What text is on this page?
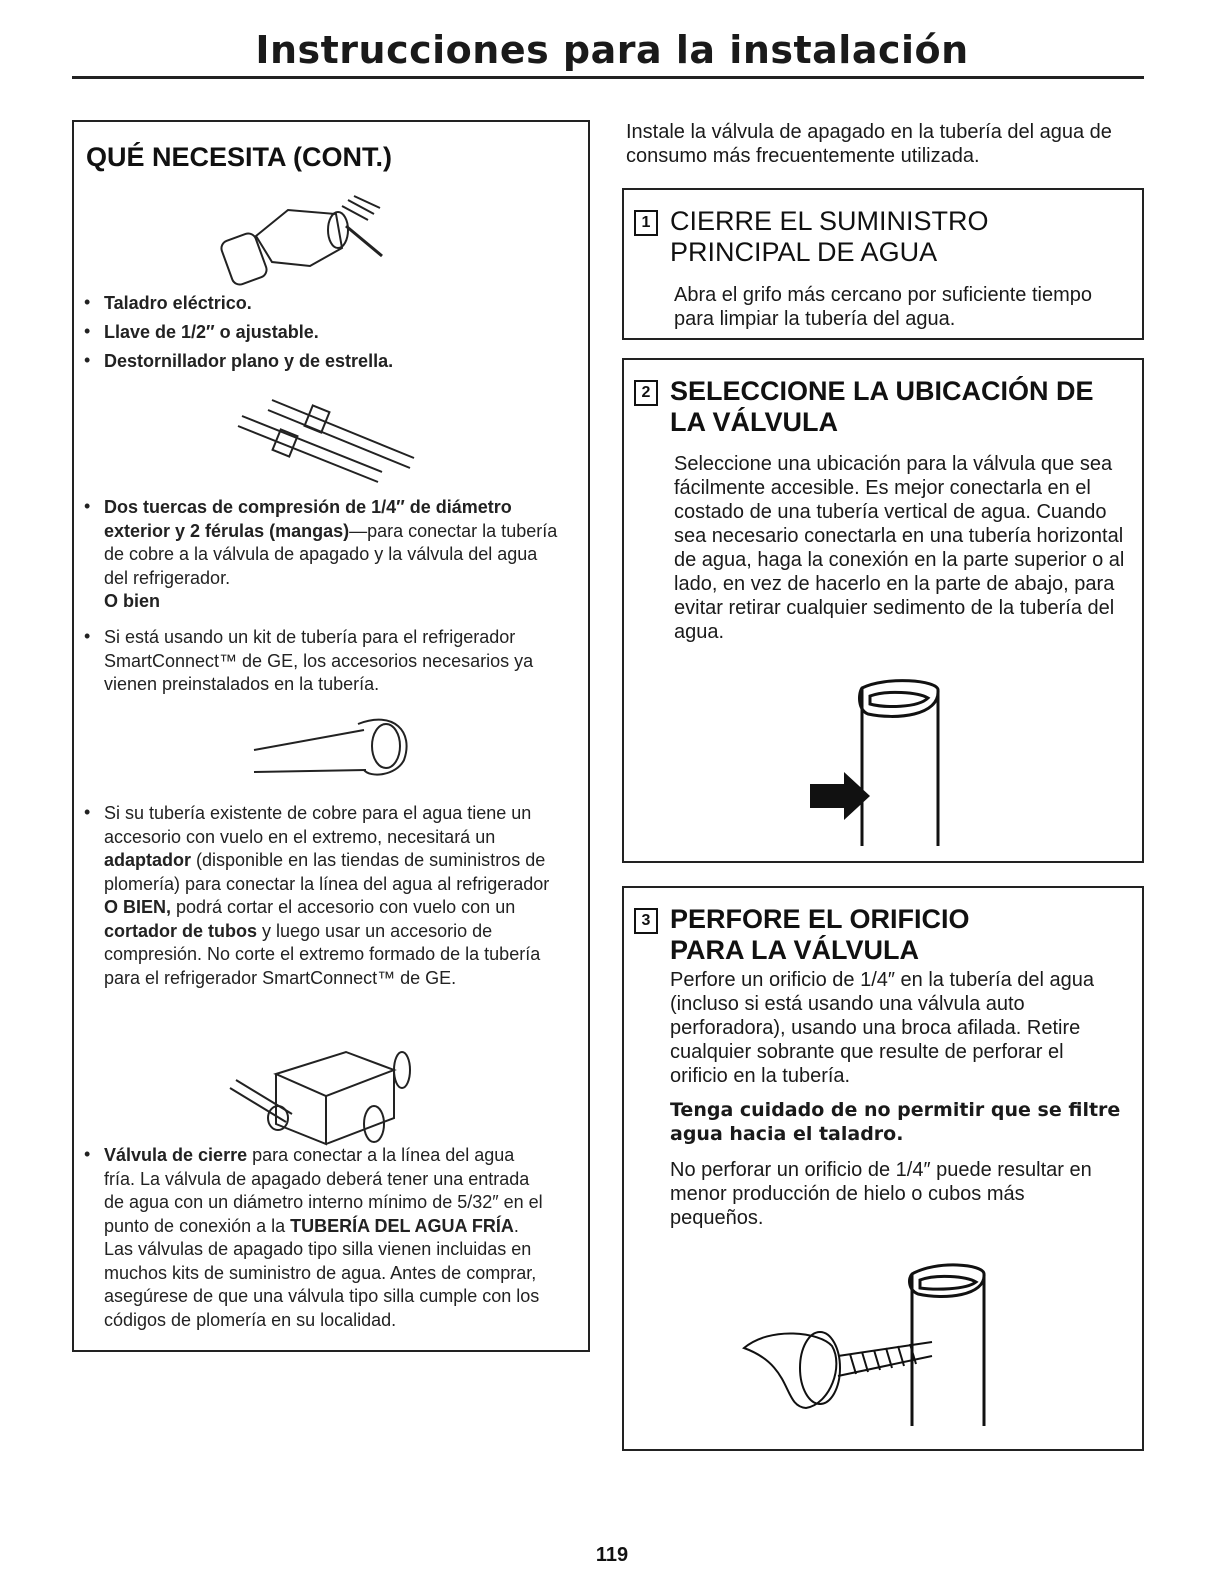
Instrucciones para la instalación
QUÉ NECESITA (CONT.)
• Taladro eléctrico.
• Llave de 1/2″ o ajustable.
• Destornillador plano y de estrella.
• Dos tuercas de compresión de 1/4″ de diámetro exterior y 2 férulas (mangas)—para conectar la tubería de cobre a la válvula de apagado y la válvula del agua del refrigerador.
O bien
• Si está usando un kit de tubería para el refrigerador SmartConnect™ de GE, los accesorios necesarios ya vienen preinstalados en la tubería.
• Si su tubería existente de cobre para el agua tiene un accesorio con vuelo en el extremo, necesitará un adaptador (disponible en las tiendas de suministros de plomería) para conectar la línea del agua al refrigerador O BIEN, podrá cortar el accesorio con vuelo con un cortador de tubos y luego usar un accesorio de compresión. No corte el extremo formado de la tubería para el refrigerador SmartConnect™ de GE.
• Válvula de cierre para conectar a la línea del agua fría. La válvula de apagado deberá tener una entrada de agua con un diámetro interno mínimo de 5/32″ en el punto de conexión a la TUBERÍA DEL AGUA FRÍA. Las válvulas de apagado tipo silla vienen incluidas en muchos kits de suministro de agua. Antes de comprar, asegúrese de que una válvula tipo silla cumple con los códigos de plomería en su localidad.
Instale la válvula de apagado en la tubería del agua de consumo más frecuentemente utilizada.
1 CIERRE EL SUMINISTRO
PRINCIPAL DE AGUA
Abra el grifo más cercano por suficiente tiempo para limpiar la tubería del agua.
2 SELECCIONE LA UBICACIÓN DE
LA VÁLVULA
Seleccione una ubicación para la válvula que sea fácilmente accesible. Es mejor conectarla en el costado de una tubería vertical de agua. Cuando sea necesario conectarla en una tubería horizontal de agua, haga la conexión en la parte superior o al lado, en vez de hacerlo en la parte de abajo, para evitar retirar cualquier sedimento de la tubería del agua.
3 PERFORE EL ORIFICIO
PARA LA VÁLVULA
Perfore un orificio de 1/4″ en la tubería del agua (incluso si está usando una válvula auto perforadora), usando una broca afilada. Retire cualquier sobrante que resulte de perforar el orificio en la tubería.
Tenga cuidado de no permitir que se filtre agua hacia el taladro.
No perforar un orificio de 1/4″ puede resultar en menor producción de hielo o cubos más pequeños.
119
